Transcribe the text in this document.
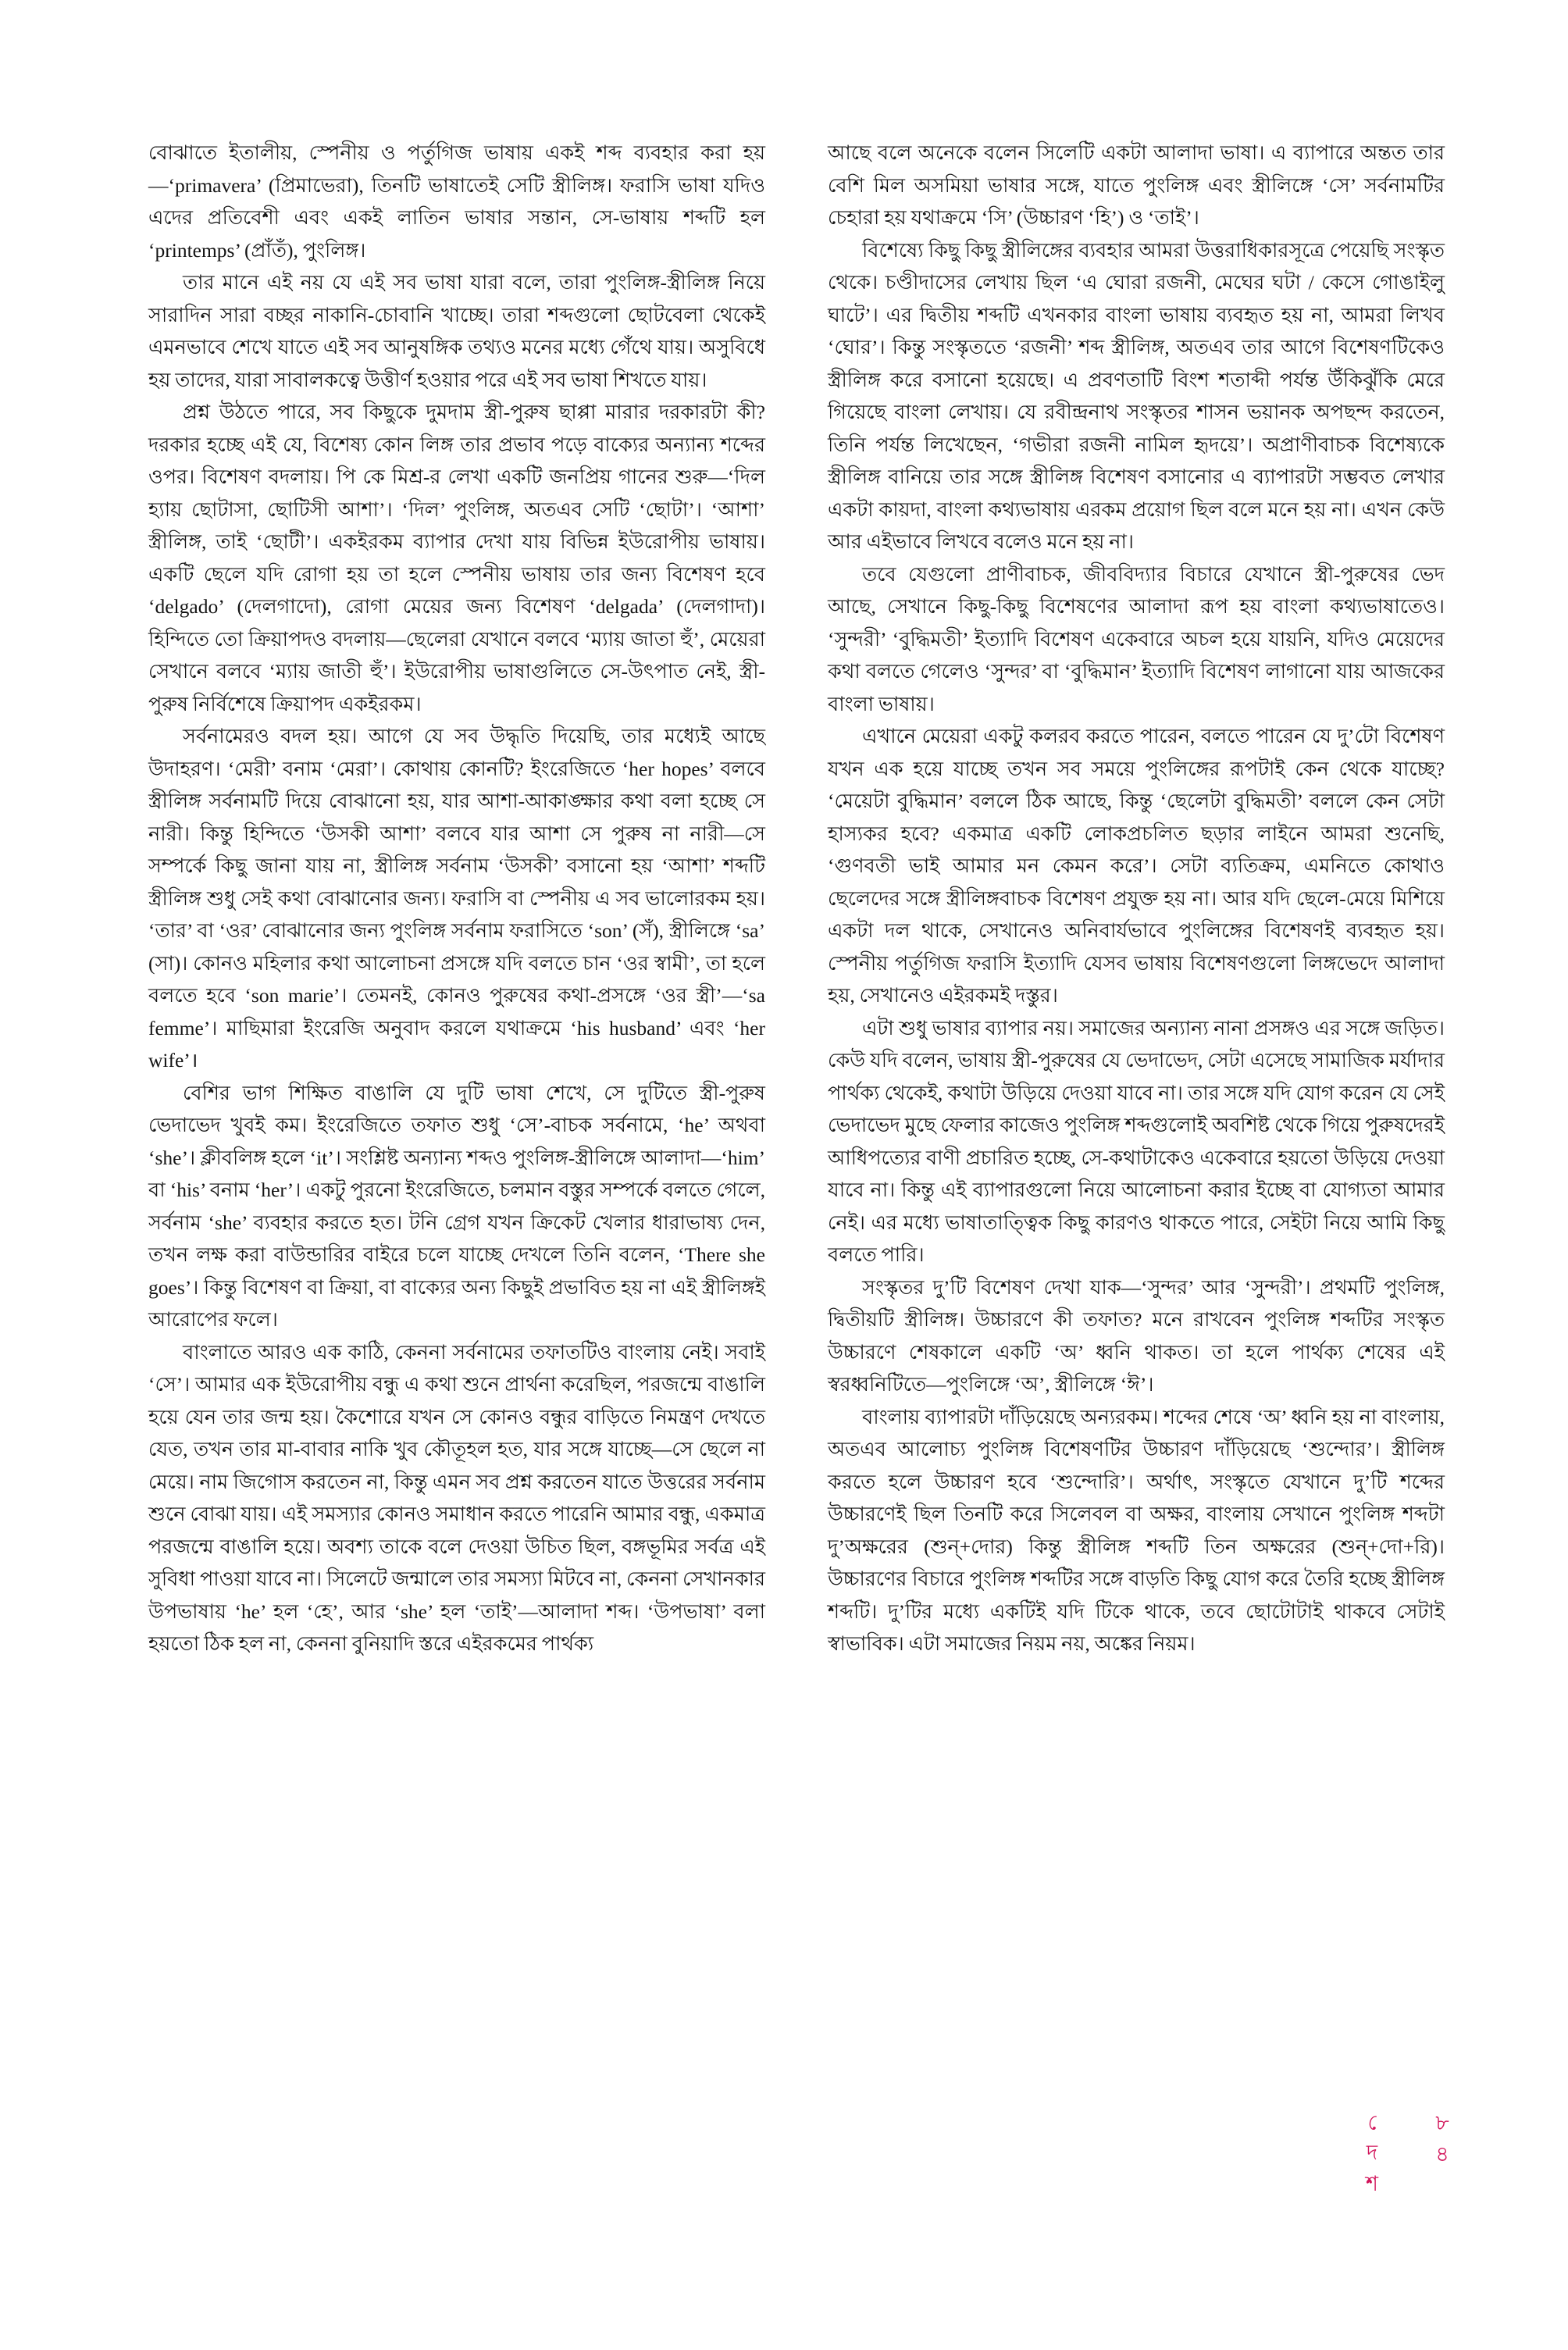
বোঝাতে ইতালীয়, স্পেনীয় ও পর্তুগিজ ভাষায় একই শব্দ ব্যবহার করা হয়—‘primavera’ (প্রিমাভেরা), তিনটি ভাষাতেই সেটি স্ত্রীলিঙ্গ। ফরাসি ভাষা যদিও এদের প্রতিবেশী এবং একই লাতিন ভাষার সন্তান, সে-ভাষায় শব্দটি হল ‘printemps’ (প্রাঁতঁ), পুংলিঙ্গ।

তার মানে এই নয় যে এই সব ভাষা যারা বলে, তারা পুংলিঙ্গ-স্ত্রীলিঙ্গ নিয়ে সারাদিন সারা বচ্ছর নাকানি-চোবানি খাচ্ছে। তারা শব্দগুলো ছোটবেলা থেকেই এমনভাবে শেখে যাতে এই সব আনুষঙ্গিক তথ্যও মনের মধ্যে গেঁথে যায়। অসুবিধে হয় তাদের, যারা সাবালকত্বে উত্তীর্ণ হওয়ার পরে এই সব ভাষা শিখতে যায়।

প্রশ্ন উঠতে পারে, সব কিছুকে দুমদাম স্ত্রী-পুরুষ ছাপ্পা মারার দরকারটা কী? দরকার হচ্ছে এই যে, বিশেষ্য কোন লিঙ্গ তার প্রভাব পড়ে বাক্যের অন্যান্য শব্দের ওপর। বিশেষণ বদলায়। পি কে মিশ্র-র লেখা একটি জনপ্রিয় গানের শুরু—‘দিল হ্যায় ছোটাসা, ছোটিসী আশা’। ‘দিল’ পুংলিঙ্গ, অতএব সেটি ‘ছোটা’। ‘আশা’ স্ত্রীলিঙ্গ, তাই ‘ছোটী’। একইরকম ব্যাপার দেখা যায় বিভিন্ন ইউরোপীয় ভাষায়। একটি ছেলে যদি রোগা হয় তা হলে স্পেনীয় ভাষায় তার জন্য বিশেষণ হবে ‘delgado’ (দেলগাদো), রোগা মেয়ের জন্য বিশেষণ ‘delgada’ (দেলগাদা)। হিন্দিতে তো ক্রিয়াপদও বদলায়—ছেলেরা যেখানে বলবে ‘ম্যায় জাতা হুঁ’, মেয়েরা সেখানে বলবে ‘ম্যায় জাতী হুঁ’। ইউরোপীয় ভাষাগুলিতে সে-উৎপাত নেই, স্ত্রী-পুরুষ নির্বিশেষে ক্রিয়াপদ একইরকম।

সর্বনামেরও বদল হয়। আগে যে সব উদ্ধৃতি দিয়েছি, তার মধ্যেই আছে উদাহরণ। ‘মেরী’ বনাম ‘মেরা’। কোথায় কোনটি? ইংরেজিতে ‘her hopes’ বলবে স্ত্রীলিঙ্গ সর্বনামটি দিয়ে বোঝানো হয়, যার আশা-আকাঙ্ক্ষার কথা বলা হচ্ছে সে নারী। কিন্তু হিন্দিতে ‘উসকী আশা’ বলবে যার আশা সে পুরুষ না নারী—সে সম্পর্কে কিছু জানা যায় না, স্ত্রীলিঙ্গ সর্বনাম ‘উসকী’ বসানো হয় ‘আশা’ শব্দটি স্ত্রীলিঙ্গ শুধু সেই কথা বোঝানোর জন্য। ফরাসি বা স্পেনীয় এ সব ভালোরকম হয়। ‘তার’ বা ‘ওর’ বোঝানোর জন্য পুংলিঙ্গ সর্বনাম ফরাসিতে ‘son’ (সঁ), স্ত্রীলিঙ্গে ‘sa’ (সা)। কোনও মহিলার কথা আলোচনা প্রসঙ্গে যদি বলতে চান ‘ওর স্বামী’, তা হলে বলতে হবে ‘son marie’। তেমনই, কোনও পুরুষের কথা-প্রসঙ্গে ‘ওর স্ত্রী’—‘sa femme’। মাছিমারা ইংরেজি অনুবাদ করলে যথাক্রমে ‘his husband’ এবং ‘her wife’।

বেশির ভাগ শিক্ষিত বাঙালি যে দুটি ভাষা শেখে, সে দুটিতে স্ত্রী-পুরুষ ভেদাভেদ খুবই কম। ইংরেজিতে তফাত শুধু ‘সে’-বাচক সর্বনামে, ‘he’ অথবা ‘she’। ক্লীবলিঙ্গ হলে ‘it’। সংশ্লিষ্ট অন্যান্য শব্দও পুংলিঙ্গ-স্ত্রীলিঙ্গে আলাদা—‘him’ বা ‘his’ বনাম ‘her’। একটু পুরনো ইংরেজিতে, চলমান বস্তুর সম্পর্কে বলতে গেলে, সর্বনাম ‘she’ ব্যবহার করতে হত। টনি গ্রেগ যখন ক্রিকেট খেলার ধারাভাষ্য দেন, তখন লক্ষ করা বাউন্ডারির বাইরে চলে যাচ্ছে দেখলে তিনি বলেন, ‘There she goes’। কিন্তু বিশেষণ বা ক্রিয়া, বা বাক্যের অন্য কিছুই প্রভাবিত হয় না এই স্ত্রীলিঙ্গই আরোপের ফলে।

বাংলাতে আরও এক কাঠি, কেননা সর্বনামের তফাতটিও বাংলায় নেই। সবাই ‘সে’। আমার এক ইউরোপীয় বন্ধু এ কথা শুনে প্রার্থনা করেছিল, পরজন্মে বাঙালি হয়ে যেন তার জন্ম হয়। কৈশোরে যখন সে কোনও বন্ধুর বাড়িতে নিমন্ত্রণ দেখতে যেত, তখন তার মা-বাবার নাকি খুব কৌতূহল হত, যার সঙ্গে যাচ্ছে—সে ছেলে না মেয়ে। নাম জিগোস করতেন না, কিন্তু এমন সব প্রশ্ন করতেন যাতে উত্তরের সর্বনাম শুনে বোঝা যায়। এই সমস্যার কোনও সমাধান করতে পারেনি আমার বন্ধু, একমাত্র পরজন্মে বাঙালি হয়ে। অবশ্য তাকে বলে দেওয়া উচিত ছিল, বঙ্গভূমির সর্বত্র এই সুবিধা পাওয়া যাবে না। সিলেটে জন্মালে তার সমস্যা মিটবে না, কেননা সেখানকার উপভাষায় ‘he’ হল ‘হে’, আর ‘she’ হল ‘তাই’—আলাদা শব্দ। ‘উপভাষা’ বলা হয়তো ঠিক হল না, কেননা বুনিয়াদি স্তরে এইরকমের পার্থক্য

আছে বলে অনেকে বলেন সিলেটি একটা আলাদা ভাষা। এ ব্যাপারে অন্তত তার বেশি মিল অসমিয়া ভাষার সঙ্গে, যাতে পুংলিঙ্গ এবং স্ত্রীলিঙ্গে ‘সে’ সর্বনামটির চেহারা হয় যথাক্রমে ‘সি’ (উচ্চারণ ‘হি’) ও ‘তাই’।

বিশেষ্যে কিছু কিছু স্ত্রীলিঙ্গের ব্যবহার আমরা উত্তরাধিকারসূত্রে পেয়েছি সংস্কৃত থেকে। চণ্ডীদাসের লেখায় ছিল ‘এ ঘোরা রজনী, মেঘের ঘটা / কেসে গোঙাইলু ঘাটে’। এর দ্বিতীয় শব্দটি এখনকার বাংলা ভাষায় ব্যবহৃত হয় না, আমরা লিখব ‘ঘোর’। কিন্তু সংস্কৃততে ‘রজনী’ শব্দ স্ত্রীলিঙ্গ, অতএব তার আগে বিশেষণটিকেও স্ত্রীলিঙ্গ করে বসানো হয়েছে। এ প্রবণতাটি বিংশ শতাব্দী পর্যন্ত উঁকিঝুঁকি মেরে গিয়েছে বাংলা লেখায়। যে রবীন্দ্রনাথ সংস্কৃতর শাসন ভয়ানক অপছন্দ করতেন, তিনি পর্যন্ত লিখেছেন, ‘গভীরা রজনী নামিল হৃদয়ে’। অপ্রাণীবাচক বিশেষ্যকে স্ত্রীলিঙ্গ বানিয়ে তার সঙ্গে স্ত্রীলিঙ্গ বিশেষণ বসানোর এ ব্যাপারটা সম্ভবত লেখার একটা কায়দা, বাংলা কথ্যভাষায় এরকম প্রয়োগ ছিল বলে মনে হয় না। এখন কেউ আর এইভাবে লিখবে বলেও মনে হয় না।

তবে যেগুলো প্রাণীবাচক, জীববিদ্যার বিচারে যেখানে স্ত্রী-পুরুষের ভেদ আছে, সেখানে কিছু-কিছু বিশেষণের আলাদা রূপ হয় বাংলা কথ্যভাষাতেও। ‘সুন্দরী’ ‘বুদ্ধিমতী’ ইত্যাদি বিশেষণ একেবারে অচল হয়ে যায়নি, যদিও মেয়েদের কথা বলতে গেলেও ‘সুন্দর’ বা ‘বুদ্ধিমান’ ইত্যাদি বিশেষণ লাগানো যায় আজকের বাংলা ভাষায়।

এখানে মেয়েরা একটু কলরব করতে পারেন, বলতে পারেন যে দু’টো বিশেষণ যখন এক হয়ে যাচ্ছে তখন সব সময়ে পুংলিঙ্গের রূপটাই কেন থেকে যাচ্ছে? ‘মেয়েটা বুদ্ধিমান’ বললে ঠিক আছে, কিন্তু ‘ছেলেটা বুদ্ধিমতী’ বললে কেন সেটা হাস্যকর হবে? একমাত্র একটি লোকপ্রচলিত ছড়ার লাইনে আমরা শুনেছি, ‘গুণবতী ভাই আমার মন কেমন করে’। সেটা ব্যতিক্রম, এমনিতে কোথাও ছেলেদের সঙ্গে স্ত্রীলিঙ্গবাচক বিশেষণ প্রযুক্ত হয় না। আর যদি ছেলে-মেয়ে মিশিয়ে একটা দল থাকে, সেখানেও অনিবার্যভাবে পুংলিঙ্গের বিশেষণই ব্যবহৃত হয়। স্পেনীয় পর্তুগিজ ফরাসি ইত্যাদি যেসব ভাষায় বিশেষণগুলো লিঙ্গভেদে আলাদা হয়, সেখানেও এইরকমই দস্তুর।

এটা শুধু ভাষার ব্যাপার নয়। সমাজের অন্যান্য নানা প্রসঙ্গও এর সঙ্গে জড়িত। কেউ যদি বলেন, ভাষায় স্ত্রী-পুরুষের যে ভেদাভেদ, সেটা এসেছে সামাজিক মর্যাদার পার্থক্য থেকেই, কথাটা উড়িয়ে দেওয়া যাবে না। তার সঙ্গে যদি যোগ করেন যে সেই ভেদাভেদ মুছে ফেলার কাজেও পুংলিঙ্গ শব্দগুলোই অবশিষ্ট থেকে গিয়ে পুরুষদেরই আধিপত্যের বাণী প্রচারিত হচ্ছে, সে-কথাটাকেও একেবারে হয়তো উড়িয়ে দেওয়া যাবে না। কিন্তু এই ব্যাপারগুলো নিয়ে আলোচনা করার ইচ্ছে বা যোগ্যতা আমার নেই। এর মধ্যে ভাষাতাত্ত্বিক কিছু কারণও থাকতে পারে, সেইটা নিয়ে আমি কিছু বলতে পারি।

সংস্কৃতর দু’টি বিশেষণ দেখা যাক—‘সুন্দর’ আর ‘সুন্দরী’। প্রথমটি পুংলিঙ্গ, দ্বিতীয়টি স্ত্রীলিঙ্গ। উচ্চারণে কী তফাত? মনে রাখবেন পুংলিঙ্গ শব্দটির সংস্কৃত উচ্চারণে শেষকালে একটি ‘অ’ ধ্বনি থাকত। তা হলে পার্থক্য শেষের এই স্বরধ্বনিটিতে—পুংলিঙ্গে ‘অ’, স্ত্রীলিঙ্গে ‘ঈ’।

বাংলায় ব্যাপারটা দাঁড়িয়েছে অন্যরকম। শব্দের শেষে ‘অ’ ধ্বনি হয় না বাংলায়, অতএব আলোচ্য পুংলিঙ্গ বিশেষণটির উচ্চারণ দাঁড়িয়েছে ‘শুন্দোর’। স্ত্রীলিঙ্গ করতে হলে উচ্চারণ হবে ‘শুন্দোরি’। অর্থাৎ, সংস্কৃতে যেখানে দু’টি শব্দের উচ্চারণেই ছিল তিনটি করে সিলেবল বা অক্ষর, বাংলায় সেখানে পুংলিঙ্গ শব্দটা দু’অক্ষরের (শুন্+দোর) কিন্তু স্ত্রীলিঙ্গ শব্দটি তিন অক্ষরের (শুন্+দো+রি)। উচ্চারণের বিচারে পুংলিঙ্গ শব্দটির সঙ্গে বাড়তি কিছু যোগ করে তৈরি হচ্ছে স্ত্রীলিঙ্গ শব্দটি। দু’টির মধ্যে একটিই যদি টিকে থাকে, তবে ছোটোটাই থাকবে সেটাই স্বাভাবিক। এটা সমাজের নিয়ম নয়, অঙ্কের নিয়ম।

৮৪

দেশ
